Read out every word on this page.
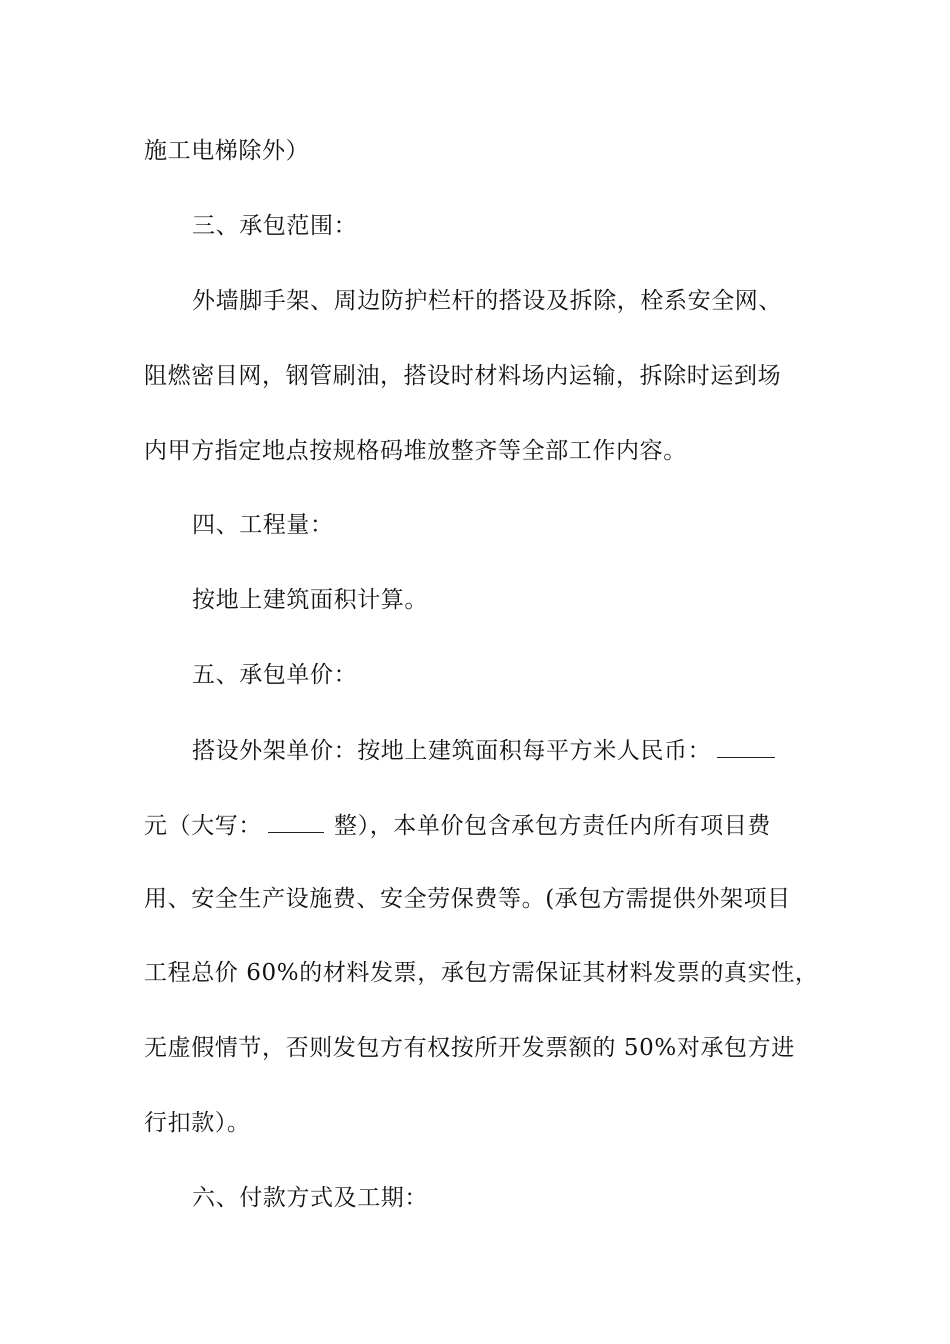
施工电梯除外）
三、承包范围：
外墙脚手架、周边防护栏杆的搭设及拆除，栓系安全网、
阻燃密目网，钢管刷油，搭设时材料场内运输，拆除时运到场
内甲方指定地点按规格码堆放整齐等全部工作内容。
四、工程量：
按地上建筑面积计算。
五、承包单价：
搭设外架单价：按地上建筑面积每平方米人民币：
元（大写：	整），本单价包含承包方责任内所有项目费
用、安全生产设施费、安全劳保费等。(承包方需提供外架项目
工程总价 60%的材料发票，承包方需保证其材料发票的真实性，
无虚假情节，否则发包方有权按所开发票额的 50%对承包方进
行扣款）。
六、付款方式及工期：
